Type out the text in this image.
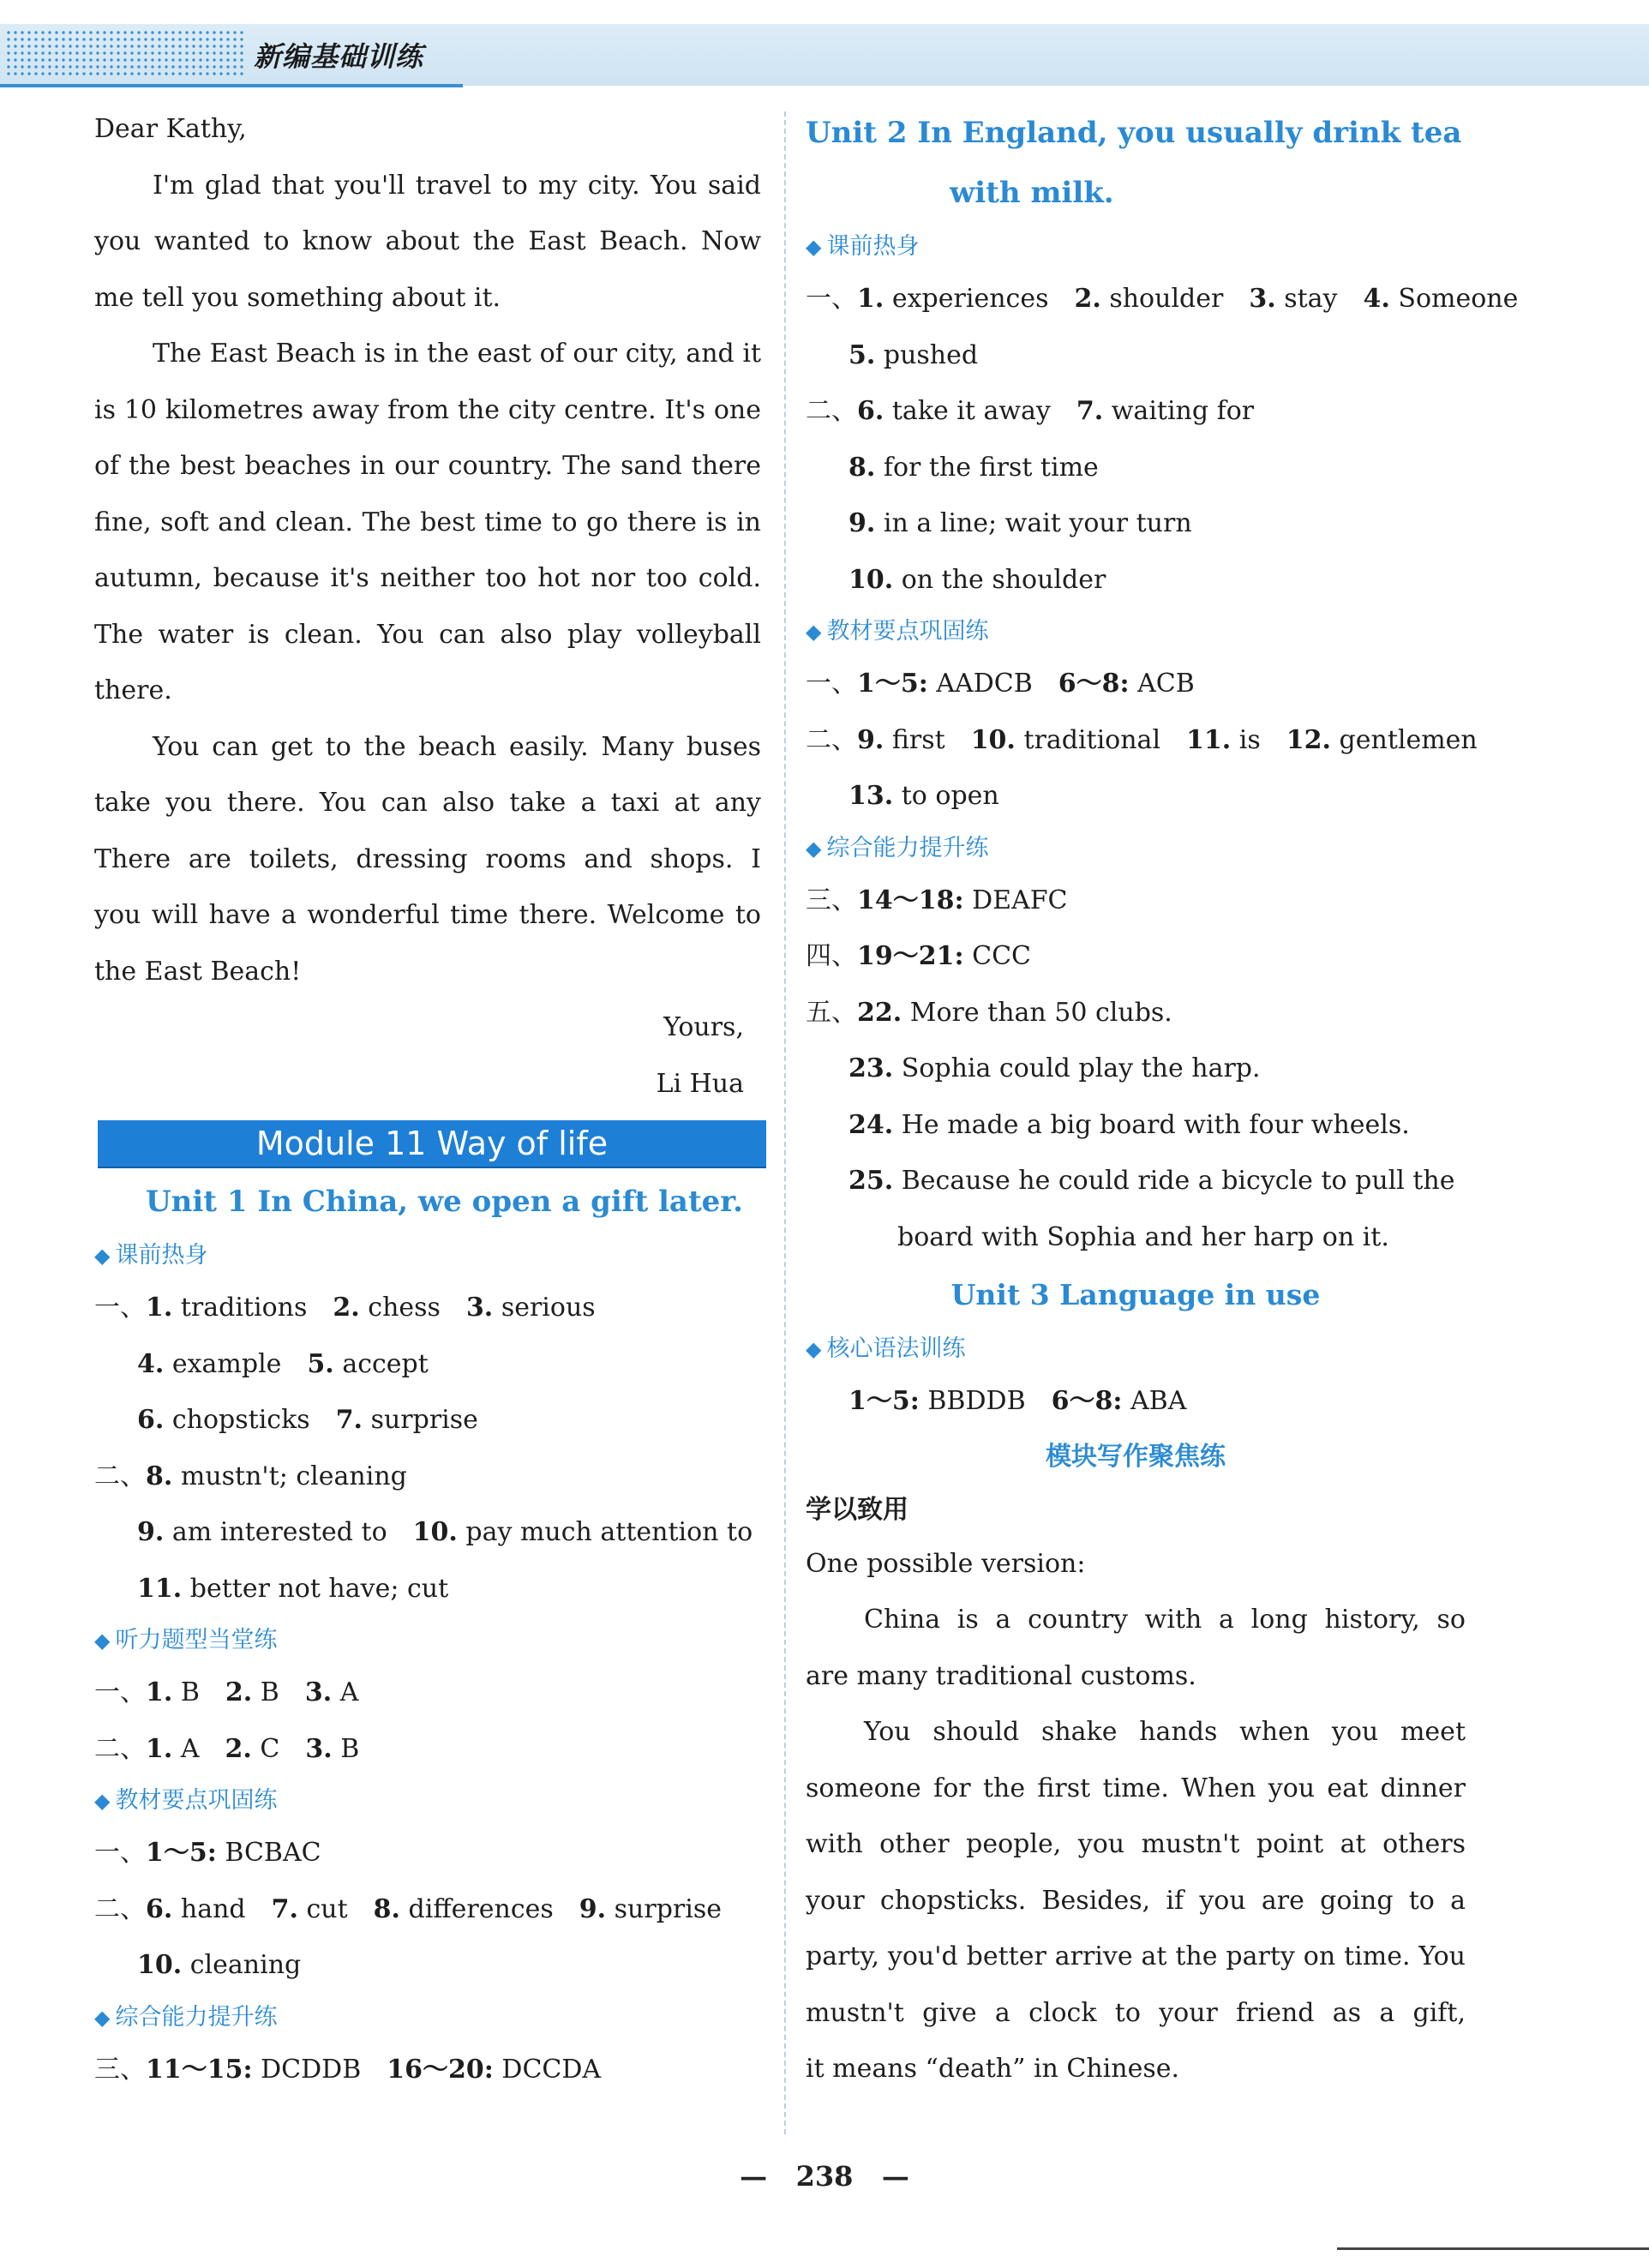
新编基础训练
Dear Kathy,
I'm glad that you'll travel to my city. You said
you wanted to know about the East Beach. Now
me tell you something about it.
The East Beach is in the east of our city, and it
is 10 kilometres away from the city centre. It's one
of the best beaches in our country. The sand there
fine, soft and clean. The best time to go there is in
autumn, because it's neither too hot nor too cold.
The water is clean. You can also play volleyball
there.
You can get to the beach easily. Many buses
take you there. You can also take a taxi at any
There are toilets, dressing rooms and shops. I
you will have a wonderful time there. Welcome to
the East Beach!
Yours,
Li Hua
Module 11 Way of life
Unit 1 In China, we open a gift later.
◆ 课前热身
一、1. traditions  2. chess  3. serious
4. example  5. accept
6. chopsticks  7. surprise
二、8. mustn't; cleaning
9. am interested to  10. pay much attention to
11. better not have; cut
◆ 听力题型当堂练
一、1. B  2. B  3. A
二、1. A  2. C  3. B
◆ 教材要点巩固练
一、1～5: BCBAC
二、6. hand  7. cut  8. differences  9. surprise
10. cleaning
◆ 综合能力提升练
三、11～15: DCDDB  16～20: DCCDA
Unit 2 In England, you usually drink tea
with milk.
◆ 课前热身
一、1. experiences  2. shoulder  3. stay  4. Someone
5. pushed
二、6. take it away  7. waiting for
8. for the first time
9. in a line; wait your turn
10. on the shoulder
◆ 教材要点巩固练
一、1～5: AADCB  6～8: ACB
二、9. first  10. traditional  11. is  12. gentlemen
13. to open
◆ 综合能力提升练
三、14～18: DEAFC
四、19～21: CCC
五、22. More than 50 clubs.
23. Sophia could play the harp.
24. He made a big board with four wheels.
25. Because he could ride a bicycle to pull the
board with Sophia and her harp on it.
Unit 3 Language in use
◆ 核心语法训练
1～5: BBDDB  6～8: ABA
模块写作聚焦练
学以致用
One possible version:
China is a country with a long history, so
are many traditional customs.
You should shake hands when you meet
someone for the first time. When you eat dinner
with other people, you mustn't point at others
your chopsticks. Besides, if you are going to a
party, you'd better arrive at the party on time. You
mustn't give a clock to your friend as a gift,
it means “death” in Chinese.
— 238 —
